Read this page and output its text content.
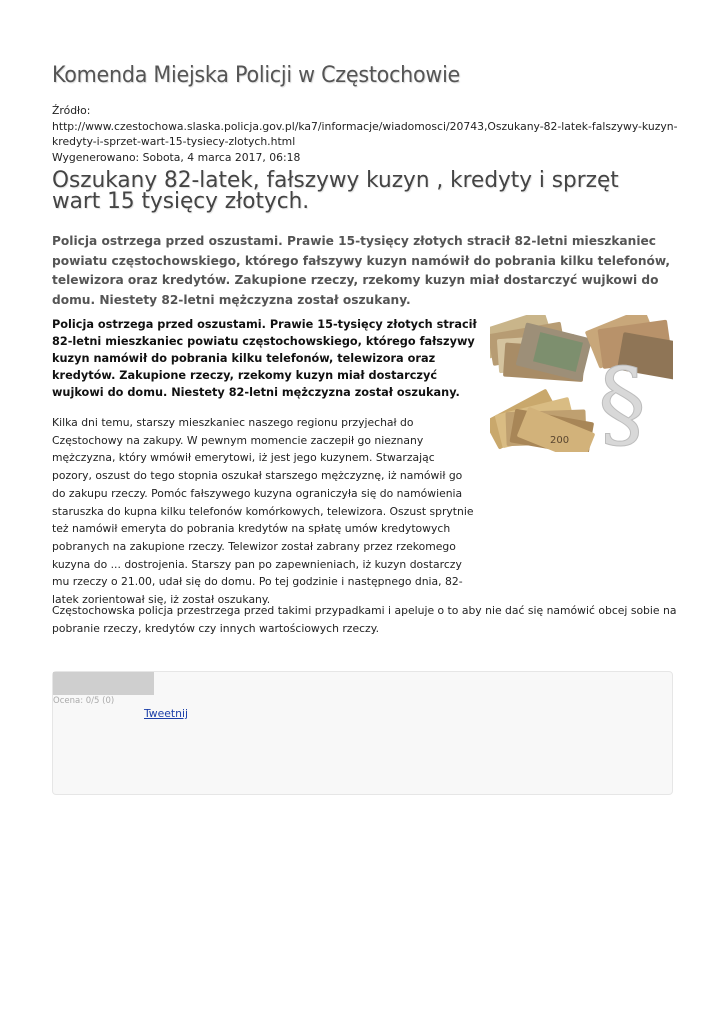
Komenda Miejska Policji w Częstochowie
Źródło:
http://www.czestochowa.slaska.policja.gov.pl/ka7/informacje/wiadomosci/20743,Oszukany-82-latek-falszywy-kuzyn-kredyty-i-sprzet-wart-15-tysiecy-zlotych.html
Wygenerowano: Sobota, 4 marca 2017, 06:18
Oszukany 82-latek, fałszywy kuzyn , kredyty i sprzęt wart 15 tysięcy złotych.

Policja ostrzega przed oszustami. Prawie 15-tysięcy złotych stracił 82-letni mieszkaniec powiatu częstochowskiego, którego fałszywy kuzyn namówił do pobrania kilku telefonów, telewizora oraz kredytów. Zakupione rzeczy, rzekomy kuzyn miał dostarczyć wujkowi do domu. Niestety 82-letni mężczyzna został oszukany.

Policja ostrzega przed oszustami. Prawie 15-tysięcy złotych stracił 82-letni mieszkaniec powiatu częstochowskiego, którego fałszywy kuzyn namówił do pobrania kilku telefonów, telewizora oraz kredytów. Zakupione rzeczy, rzekomy kuzyn miał dostarczyć wujkowi do domu. Niestety 82-letni mężczyzna został oszukany.

200 §

Kilka dni temu, starszy mieszkaniec naszego regionu przyjechał do Częstochowy na zakupy. W pewnym momencie zaczepił go nieznany mężczyzna, który wmówił emerytowi, iż jest jego kuzynem. Stwarzając pozory, oszust do tego stopnia oszukał starszego mężczyznę, iż namówił go do zakupu rzeczy. Pomóc fałszywego kuzyna ograniczyła się do namówienia staruszka do kupna kilku telefonów komórkowych, telewizora. Oszust sprytnie też namówił emeryta do pobrania kredytów na spłatę umów kredytowych pobranych na zakupione rzeczy. Telewizor został zabrany przez rzekomego kuzyna do ... dostrojenia. Starszy pan po zapewnieniach, iż kuzyn dostarczy mu rzeczy o 21.00, udał się do domu. Po tej godzinie i następnego dnia, 82-latek zorientował się, iż został oszukany.

Częstochowska policja przestrzega przed takimi przypadkami i apeluje o to aby nie dać się namówić obcej sobie na pobranie rzeczy, kredytów czy innych wartościowych rzeczy.

Ocena: 0/5 (0)
Tweetnij
